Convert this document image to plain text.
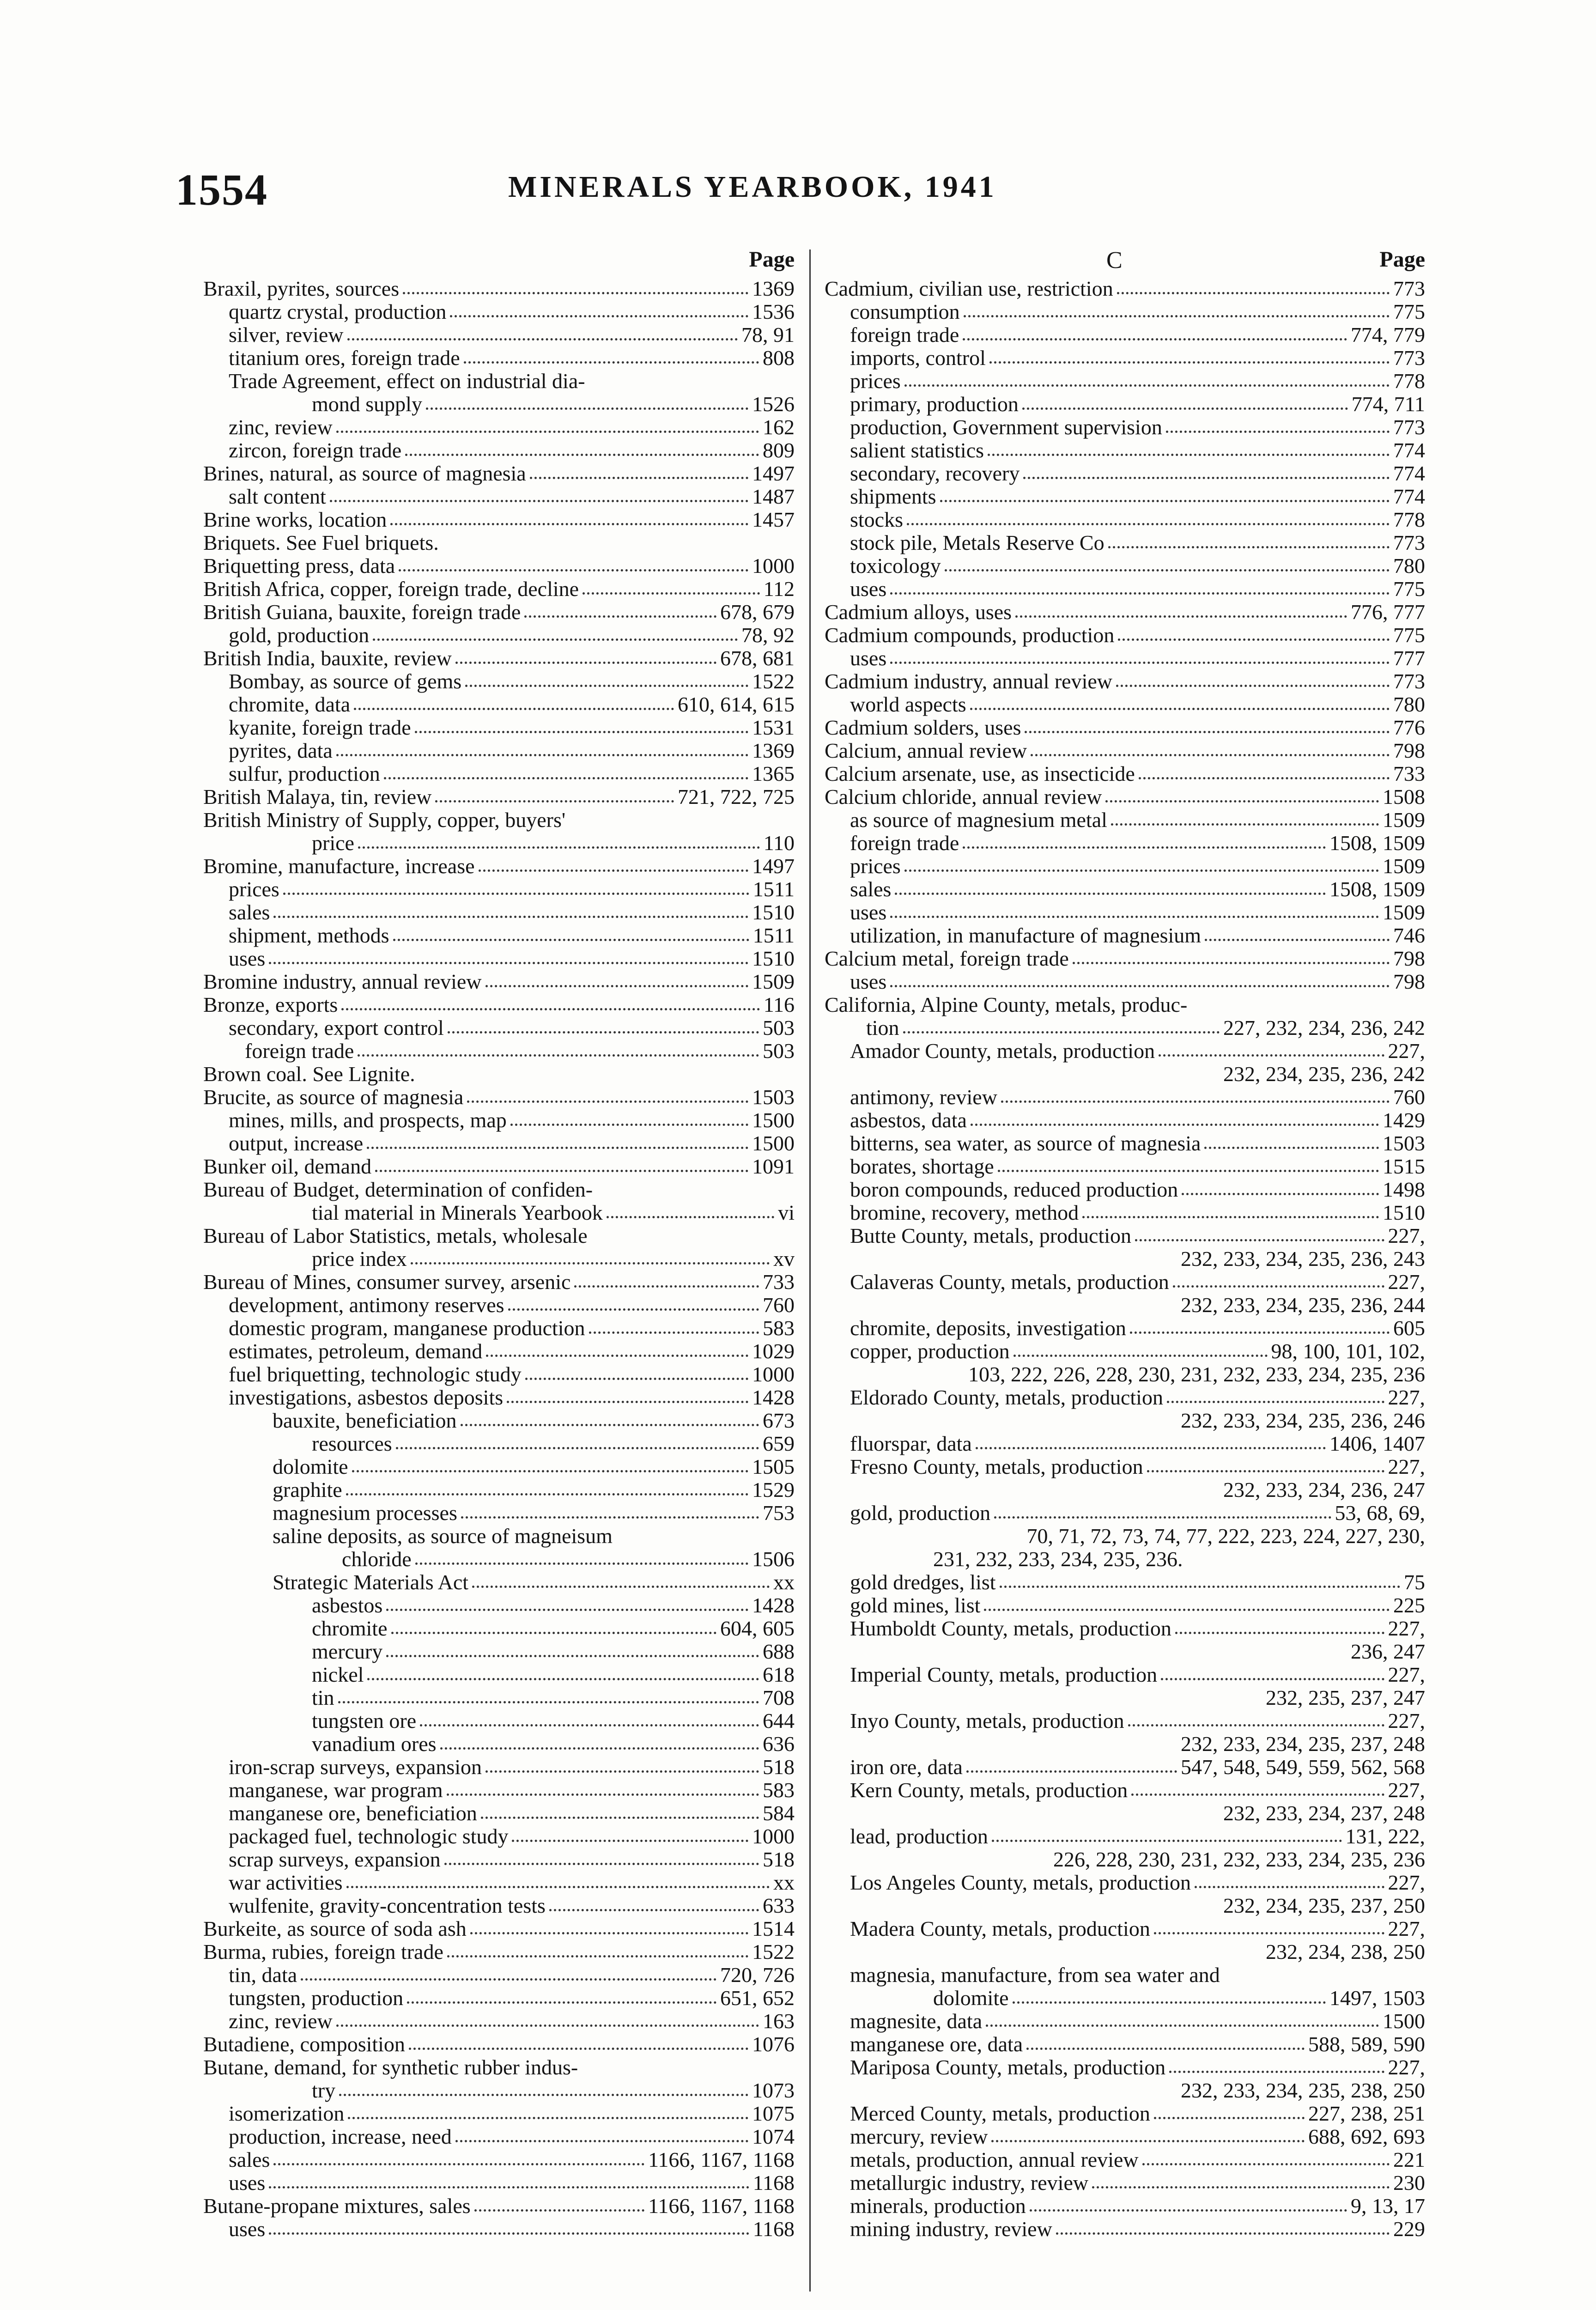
1554	MINERALS YEARBOOK, 1941
Page
Braxil, pyrites, sources	1369
quartz crystal, production	1536
silver, review	78, 91
titanium ores, foreign trade	808
Trade Agreement, effect on industrial dia-
mond supply	1526
zinc, review	162
zircon, foreign trade	809
Brines, natural, as source of magnesia	1497
salt content	1487
Brine works, location	1457
Briquets. See Fuel briquets.
Briquetting press, data	1000
British Africa, copper, foreign trade, decline	112
British Guiana, bauxite, foreign trade	678, 679
gold, production	78, 92
British India, bauxite, review	678, 681
Bombay, as source of gems	1522
chromite, data	610, 614, 615
kyanite, foreign trade	1531
pyrites, data	1369
sulfur, production	1365
British Malaya, tin, review	721, 722, 725
British Ministry of Supply, copper, buyers'
price	110
Bromine, manufacture, increase	1497
prices	1511
sales	1510
shipment, methods	1511
uses	1510
Bromine industry, annual review	1509
Bronze, exports	116
secondary, export control	503
foreign trade	503
Brown coal. See Lignite.
Brucite, as source of magnesia	1503
mines, mills, and prospects, map	1500
output, increase	1500
Bunker oil, demand	1091
Bureau of Budget, determination of confiden-
tial material in Minerals Yearbook	vi
Bureau of Labor Statistics, metals, wholesale
price index	xv
Bureau of Mines, consumer survey, arsenic	733
development, antimony reserves	760
domestic program, manganese production	583
estimates, petroleum, demand	1029
fuel briquetting, technologic study	1000
investigations, asbestos deposits	1428
bauxite, beneficiation	673
resources	659
dolomite	1505
graphite	1529
magnesium processes	753
saline deposits, as source of magneisum
chloride	1506
Strategic Materials Act	xx
asbestos	1428
chromite	604, 605
mercury	688
nickel	618
tin	708
tungsten ore	644
vanadium ores	636
iron-scrap surveys, expansion	518
manganese, war program	583
manganese ore, beneficiation	584
packaged fuel, technologic study	1000
scrap surveys, expansion	518
war activities	xx
wulfenite, gravity-concentration tests	633
Burkeite, as source of soda ash	1514
Burma, rubies, foreign trade	1522
tin, data	720, 726
tungsten, production	651, 652
zinc, review	163
Butadiene, composition	1076
Butane, demand, for synthetic rubber indus-
try	1073
isomerization	1075
production, increase, need	1074
sales	1166, 1167, 1168
uses	1168
Butane-propane mixtures, sales	1166, 1167, 1168
uses	1168
C	Page
Cadmium, civilian use, restriction	773
consumption	775
foreign trade	774, 779
imports, control	773
prices	778
primary, production	774, 711
production, Government supervision	773
salient statistics	774
secondary, recovery	774
shipments	774
stocks	778
stock pile, Metals Reserve Co	773
toxicology	780
uses	775
Cadmium alloys, uses	776, 777
Cadmium compounds, production	775
uses	777
Cadmium industry, annual review	773
world aspects	780
Cadmium solders, uses	776
Calcium, annual review	798
Calcium arsenate, use, as insecticide	733
Calcium chloride, annual review	1508
as source of magnesium metal	1509
foreign trade	1508, 1509
prices	1509
sales	1508, 1509
uses	1509
utilization, in manufacture of magnesium	746
Calcium metal, foreign trade	798
uses	798
California, Alpine County, metals, produc-
tion	227, 232, 234, 236, 242
Amador County, metals, production	227,
232, 234, 235, 236, 242
antimony, review	760
asbestos, data	1429
bitterns, sea water, as source of magnesia	1503
borates, shortage	1515
boron compounds, reduced production	1498
bromine, recovery, method	1510
Butte County, metals, production	227,
232, 233, 234, 235, 236, 243
Calaveras County, metals, production	227,
232, 233, 234, 235, 236, 244
chromite, deposits, investigation	605
copper, production	98, 100, 101, 102,
103, 222, 226, 228, 230, 231, 232, 233, 234, 235, 236
Eldorado County, metals, production	227,
232, 233, 234, 235, 236, 246
fluorspar, data	1406, 1407
Fresno County, metals, production	227,
232, 233, 234, 236, 247
gold, production	53, 68, 69,
70, 71, 72, 73, 74, 77, 222, 223, 224, 227, 230,
231, 232, 233, 234, 235, 236.
gold dredges, list	75
gold mines, list	225
Humboldt County, metals, production	227,
236, 247
Imperial County, metals, production	227,
232, 235, 237, 247
Inyo County, metals, production	227,
232, 233, 234, 235, 237, 248
iron ore, data	547, 548, 549, 559, 562, 568
Kern County, metals, production	227,
232, 233, 234, 237, 248
lead, production	131, 222,
226, 228, 230, 231, 232, 233, 234, 235, 236
Los Angeles County, metals, production	227,
232, 234, 235, 237, 250
Madera County, metals, production	227,
232, 234, 238, 250
magnesia, manufacture, from sea water and
dolomite	1497, 1503
magnesite, data	1500
manganese ore, data	588, 589, 590
Mariposa County, metals, production	227,
232, 233, 234, 235, 238, 250
Merced County, metals, production	227, 238, 251
mercury, review	688, 692, 693
metals, production, annual review	221
metallurgic industry, review	230
minerals, production	9, 13, 17
mining industry, review	229
